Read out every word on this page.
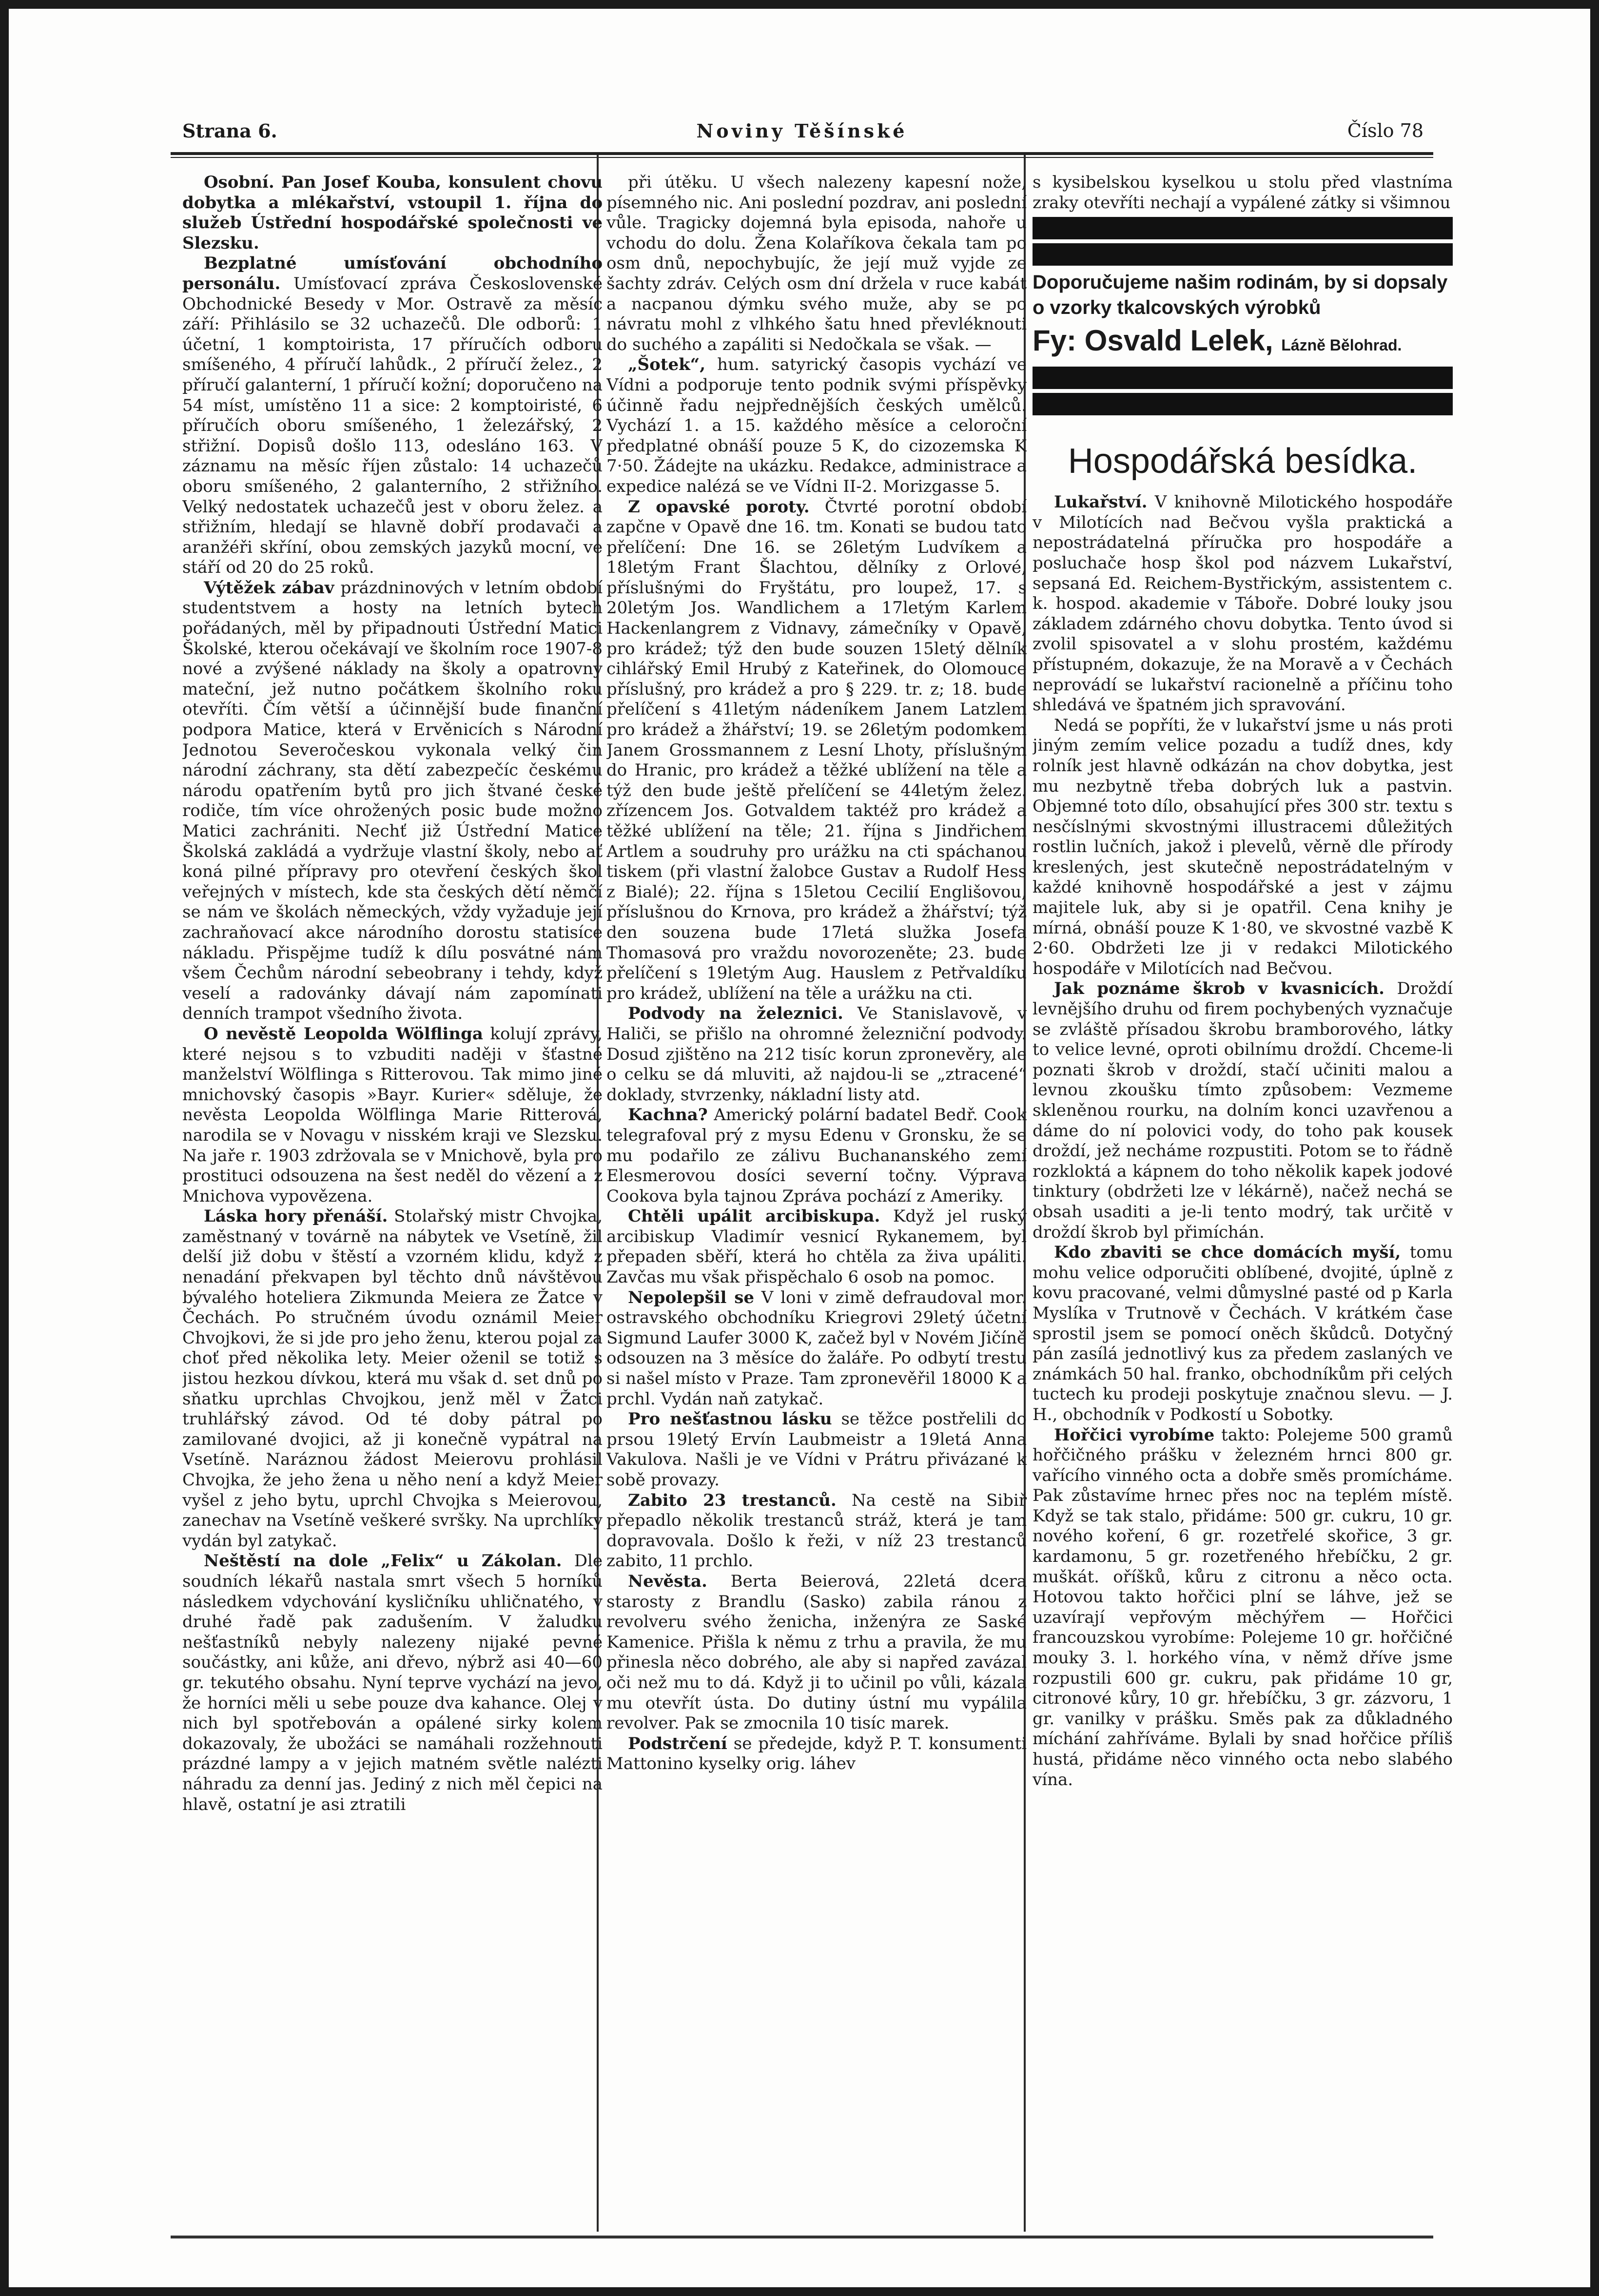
Strana 6.	Noviny Těšínské	Číslo 78

Osobní. Pan Josef Kouba, konsulent chovu dobytka a mlékařství, vstoupil 1. října do služeb Ústřední hospodářské společnosti ve Slezsku.

Bezplatné umísťování obchodního personálu. Umísťovací zpráva Československé Obchodnické Besedy v Mor. Ostravě za měsíc září: Přihlásilo se 32 uchazečů. Dle odborů: 1 účetní, 1 komptoirista, 17 příručích odboru smíšeného, 4 příručí lahůdk., 2 příručí želez., 2 příručí galanterní, 1 příručí kožní; doporučeno na 54 míst, umístěno 11 a sice: 2 komptoiristé, 6 příručích oboru smíšeného, 1 železářský, 2 střižní. Dopisů došlo 113, odesláno 163. V záznamu na měsíc říjen zůstalo: 14 uchazečů oboru smíšeného, 2 galanterního, 2 střižního. Velký nedostatek uchazečů jest v oboru želez. a střižním, hledají se hlavně dobří prodavači a aranžéři skříní, obou zemských jazyků mocní, ve stáří od 20 do 25 roků.

Výtěžek zábav prázdninových v letním období studentstvem a hosty na letních bytech pořádaných, měl by připadnouti Ústřední Matici Školské, kterou očekávají ve školním roce 1907-8 nové a zvýšené náklady na školy a opatrovny mateční, jež nutno počátkem školního roku otevříti. Čím větší a účinnější bude finanční podpora Matice, která v Ervěnicích s Národní Jednotou Severočeskou vykonala velký čin národní záchrany, sta dětí zabezpečíc českému národu opatřením bytů pro jich štvané české rodiče, tím více ohrožených posic bude možno Matici zachrániti. Nechť již Ústřední Matice Školská zakládá a vydržuje vlastní školy, nebo ať koná pilné přípravy pro otevření českých škol veřejných v místech, kde sta českých dětí němčí se nám ve školách německých, vždy vyžaduje její zachraňovací akce národního dorostu statisíce nákladu. Přispějme tudíž k dílu posvátné nám všem Čechům národní sebeobrany i tehdy, když veselí a radovánky dávají nám zapomínati denních trampot všedního života.

O nevěstě Leopolda Wölflinga kolují zprávy, které nejsou s to vzbuditi naději v šťastné manželství Wölflinga s Ritterovou. Tak mimo jiné mnichovský časopis »Bayr. Kurier« sděluje, že nevěsta Leopolda Wölflinga Marie Ritterová, narodila se v Novagu v nisském kraji ve Slezsku. Na jaře r. 1903 zdržovala se v Mnichově, byla pro prostituci odsouzena na šest neděl do vězení a z Mnichova vypovězena.

Láska hory přenáší. Stolařský mistr Chvojka, zaměstnaný v továrně na nábytek ve Vsetíně, žil delší již dobu v štěstí a vzorném klidu, když z nenadání překvapen byl těchto dnů návštěvou bývalého hoteliera Zikmunda Meiera ze Žatce v Čechách. Po stručném úvodu oznámil Meier Chvojkovi, že si jde pro jeho ženu, kterou pojal za choť před několika lety. Meier oženil se totiž s jistou hezkou dívkou, která mu však d. set dnů po sňatku uprchlas Chvojkou, jenž měl v Žatci truhlářský závod. Od té doby pátral po zamilované dvojici, až ji konečně vypátral na Vsetíně. Naráznou žádost Meierovu prohlásil Chvojka, že jeho žena u něho není a když Meier vyšel z jeho bytu, uprchl Chvojka s Meierovou, zanechav na Vsetíně veškeré svršky. Na uprchlíky vydán byl zatykač.

Neštěstí na dole „Felix“ u Zákolan. Dle soudních lékařů nastala smrt všech 5 horníků následkem vdychování kysličníku uhličnatého, v druhé řadě pak zadušením. V žaludku nešťastníků nebyly nalezeny nijaké pevné součástky, ani kůže, ani dřevo, nýbrž asi 40—60 gr. tekutého obsahu. Nyní teprve vychází na jevo, že horníci měli u sebe pouze dva kahance. Olej v nich byl spotřebován a opálené sirky kolem dokazovaly, že ubožáci se namáhali rozžehnouti prázdné lampy a v jejich matném světle nalézti náhradu za denní jas. Jediný z nich měl čepici na hlavě, ostatní je asi ztratili

při útěku. U všech nalezeny kapesní nože, písemného nic. Ani poslední pozdrav, ani poslední vůle. Tragicky dojemná byla episoda, nahoře u vchodu do dolu. Žena Kolaříkova čekala tam po osm dnů, nepochybujíc, že její muž vyjde ze šachty zdráv. Celých osm dní držela v ruce kabát a nacpanou dýmku svého muže, aby se po návratu mohl z vlhkého šatu hned převléknouti do suchého a zapáliti si Nedočkala se však. —

„Šotek“, hum. satyrický časopis vychází ve Vídni a podporuje tento podnik svými příspěvky účinně řadu nejpřednějších českých umělců. Vychází 1. a 15. každého měsíce a celoroční předplatné obnáší pouze 5 K, do cizozemska K 7·50. Žádejte na ukázku. Redakce, administrace a expedice nalézá se ve Vídni II-2. Morizgasse 5.

Z opavské poroty. Čtvrté porotní období zapčne v Opavě dne 16. tm. Konati se budou tato přelíčení: Dne 16. se 26letým Ludvíkem a 18letým Frant Šlachtou, dělníky z Orlové, příslušnými do Fryštátu, pro loupež, 17. s 20letým Jos. Wandlichem a 17letým Karlem Hackenlangrem z Vidnavy, zámečníky v Opavě, pro krádež; týž den bude souzen 15letý dělník cihlářský Emil Hrubý z Kateřinek, do Olomouce příslušný, pro krádež a pro § 229. tr. z; 18. bude přelíčení s 41letým nádeníkem Janem Latzlem pro krádež a žhářství; 19. se 26letým podomkem Janem Grossmannem z Lesní Lhoty, příslušným do Hranic, pro krádež a těžké ublížení na těle a týž den bude ještě přelíčení se 44letým želez. zřízencem Jos. Gotvaldem taktéž pro krádež a těžké ublížení na těle; 21. října s Jindřichem Artlem a soudruhy pro urážku na cti spáchanou tiskem (při vlastní žalobce Gustav a Rudolf Hess z Bialé); 22. října s 15letou Cecilií Englišovou, příslušnou do Krnova, pro krádež a žhářství; týž den souzena bude 17letá služka Josefa Thomasová pro vraždu novorozeněte; 23. bude přelíčení s 19letým Aug. Hauslem z Petřvaldíku pro krádež, ublížení na těle a urážku na cti.

Podvody na železnici. Ve Stanislavově, v Haliči, se přišlo na ohromné železniční podvody. Dosud zjištěno na 212 tisíc korun zpronevěry, ale o celku se dá mluviti, až najdou-li se „ztracené“ doklady, stvrzenky, nákladní listy atd.

Kachna? Americký polární badatel Bedř. Cook telegrafoval prý z mysu Edenu v Gronsku, že se mu podařilo ze zálivu Buchananského zemí Elesmerovou dosíci severní točny. Výprava Cookova byla tajnou Zpráva pochází z Ameriky.

Chtěli upálit arcibiskupa. Když jel ruský arcibiskup Vladimír vesnicí Rykanemem, byl přepaden sběří, která ho chtěla za živa upáliti. Zavčas mu však přispěchalo 6 osob na pomoc.

Nepolepšil se V loni v zimě defraudoval mor. ostravského obchodníku Kriegrovi 29letý účetní Sigmund Laufer 3000 K, začež byl v Novém Jičíně odsouzen na 3 měsíce do žaláře. Po odbytí trestu si našel místo v Praze. Tam zpronevěřil 18000 K a prchl. Vydán naň zatykač.

Pro nešťastnou lásku se těžce postřelili do prsou 19letý Ervín Laubmeistr a 19letá Anna Vakulova. Našli je ve Vídni v Prátru přivázané k sobě provazy.

Zabito 23 trestanců. Na cestě na Sibiř přepadlo několik trestanců stráž, která je tam dopravovala. Došlo k řeži, v níž 23 trestanců zabito, 11 prchlo.

Nevěsta. Berta Beierová, 22letá dcera starosty z Brandlu (Sasko) zabila ránou z revolveru svého ženicha, inženýra ze Saské Kamenice. Přišla k němu z trhu a pravila, že mu přinesla něco dobrého, ale aby si napřed zavázal oči než mu to dá. Když ji to učinil po vůli, kázala mu otevřít ústa. Do dutiny ústní mu vypálila revolver. Pak se zmocnila 10 tisíc marek.

Podstrčení se předejde, když P. T. konsumenti Mattonino kyselky orig. láhev

s kysibelskou kyselkou u stolu před vlastníma zraky otevříti nechají a vypálené zátky si všimnou

Doporučujeme našim rodinám, by si dopsaly o vzorky tkalcovských výrobků
Fy: Osvald Lelek, Lázně Bělohrad.
Hospodářská besídka.

Lukařství. V knihovně Milotického hospodáře v Milotících nad Bečvou vyšla praktická a nepostrádatelná příručka pro hospodáře a posluchače hosp škol pod názvem Lukařství, sepsaná Ed. Reichem-Bystřickým, assistentem c. k. hospod. akademie v Táboře. Dobré louky jsou základem zdárného chovu dobytka. Tento úvod si zvolil spisovatel a v slohu prostém, každému přístupném, dokazuje, že na Moravě a v Čechách neprovádí se lukařství racionelně a příčinu toho shledává ve špatném jich spravování.

Nedá se popříti, že v lukařství jsme u nás proti jiným zemím velice pozadu a tudíž dnes, kdy rolník jest hlavně odkázán na chov dobytka, jest mu nezbytně třeba dobrých luk a pastvin. Objemné toto dílo, obsahující přes 300 str. textu s nesčíslnými skvostnými illustracemi důležitých rostlin lučních, jakož i plevelů, věrně dle přírody kreslených, jest skutečně nepostrádatelným v každé knihovně hospodářské a jest v zájmu majitele luk, aby si je opatřil. Cena knihy je mírná, obnáší pouze K 1·80, ve skvostné vazbě K 2·60. Obdržeti lze ji v redakci Milotického hospodáře v Milotících nad Bečvou.

Jak poznáme škrob v kvasnicích. Droždí levnějšího druhu od firem pochybených vyznačuje se zvláště přísadou škrobu bramborového, látky to velice levné, oproti obilnímu droždí. Chceme-li poznati škrob v droždí, stačí učiniti malou a levnou zkoušku tímto způsobem: Vezmeme skleněnou rourku, na dolním konci uzavřenou a dáme do ní polovici vody, do toho pak kousek droždí, jež necháme rozpustiti. Potom se to řádně rozkloktá a kápnem do toho několik kapek jodové tinktury (obdržeti lze v lékárně), načež nechá se obsah usaditi a je-li tento modrý, tak určitě v droždí škrob byl přimíchán.

Kdo zbaviti se chce domácích myší, tomu mohu velice odporučiti oblíbené, dvojité, úplně z kovu pracované, velmi důmyslné pasté od p Karla Myslíka v Trutnově v Čechách. V krátkém čase sprostil jsem se pomocí oněch škůdců. Dotyčný pán zasílá jednotlivý kus za předem zaslaných ve známkách 50 hal. franko, obchodníkům při celých tuctech ku prodeji poskytuje značnou slevu. — J. H., obchodník v Podkostí u Sobotky.

Hořčici vyrobíme takto: Polejeme 500 gramů hořčičného prášku v železném hrnci 800 gr. vařícího vinného octa a dobře směs promícháme. Pak zůstavíme hrnec přes noc na teplém místě. Když se tak stalo, přidáme: 500 gr. cukru, 10 gr. nového koření, 6 gr. rozetřelé skořice, 3 gr. kardamonu, 5 gr. rozetřeného hřebíčku, 2 gr. muškát. oříšků, kůru z citronu a něco octa. Hotovou takto hořčici plní se láhve, jež se uzavírají vepřovým měchýřem — Hořčici francouzskou vyrobíme: Polejeme 10 gr. hořčičné mouky 3. l. horkého vína, v němž dříve jsme rozpustili 600 gr. cukru, pak přidáme 10 gr, citronové kůry, 10 gr. hřebíčku, 3 gr. zázvoru, 1 gr. vanilky v prášku. Směs pak za důkladného míchání zahříváme. Bylali by snad hořčice příliš hustá, přidáme něco vinného octa nebo slabého vína.
